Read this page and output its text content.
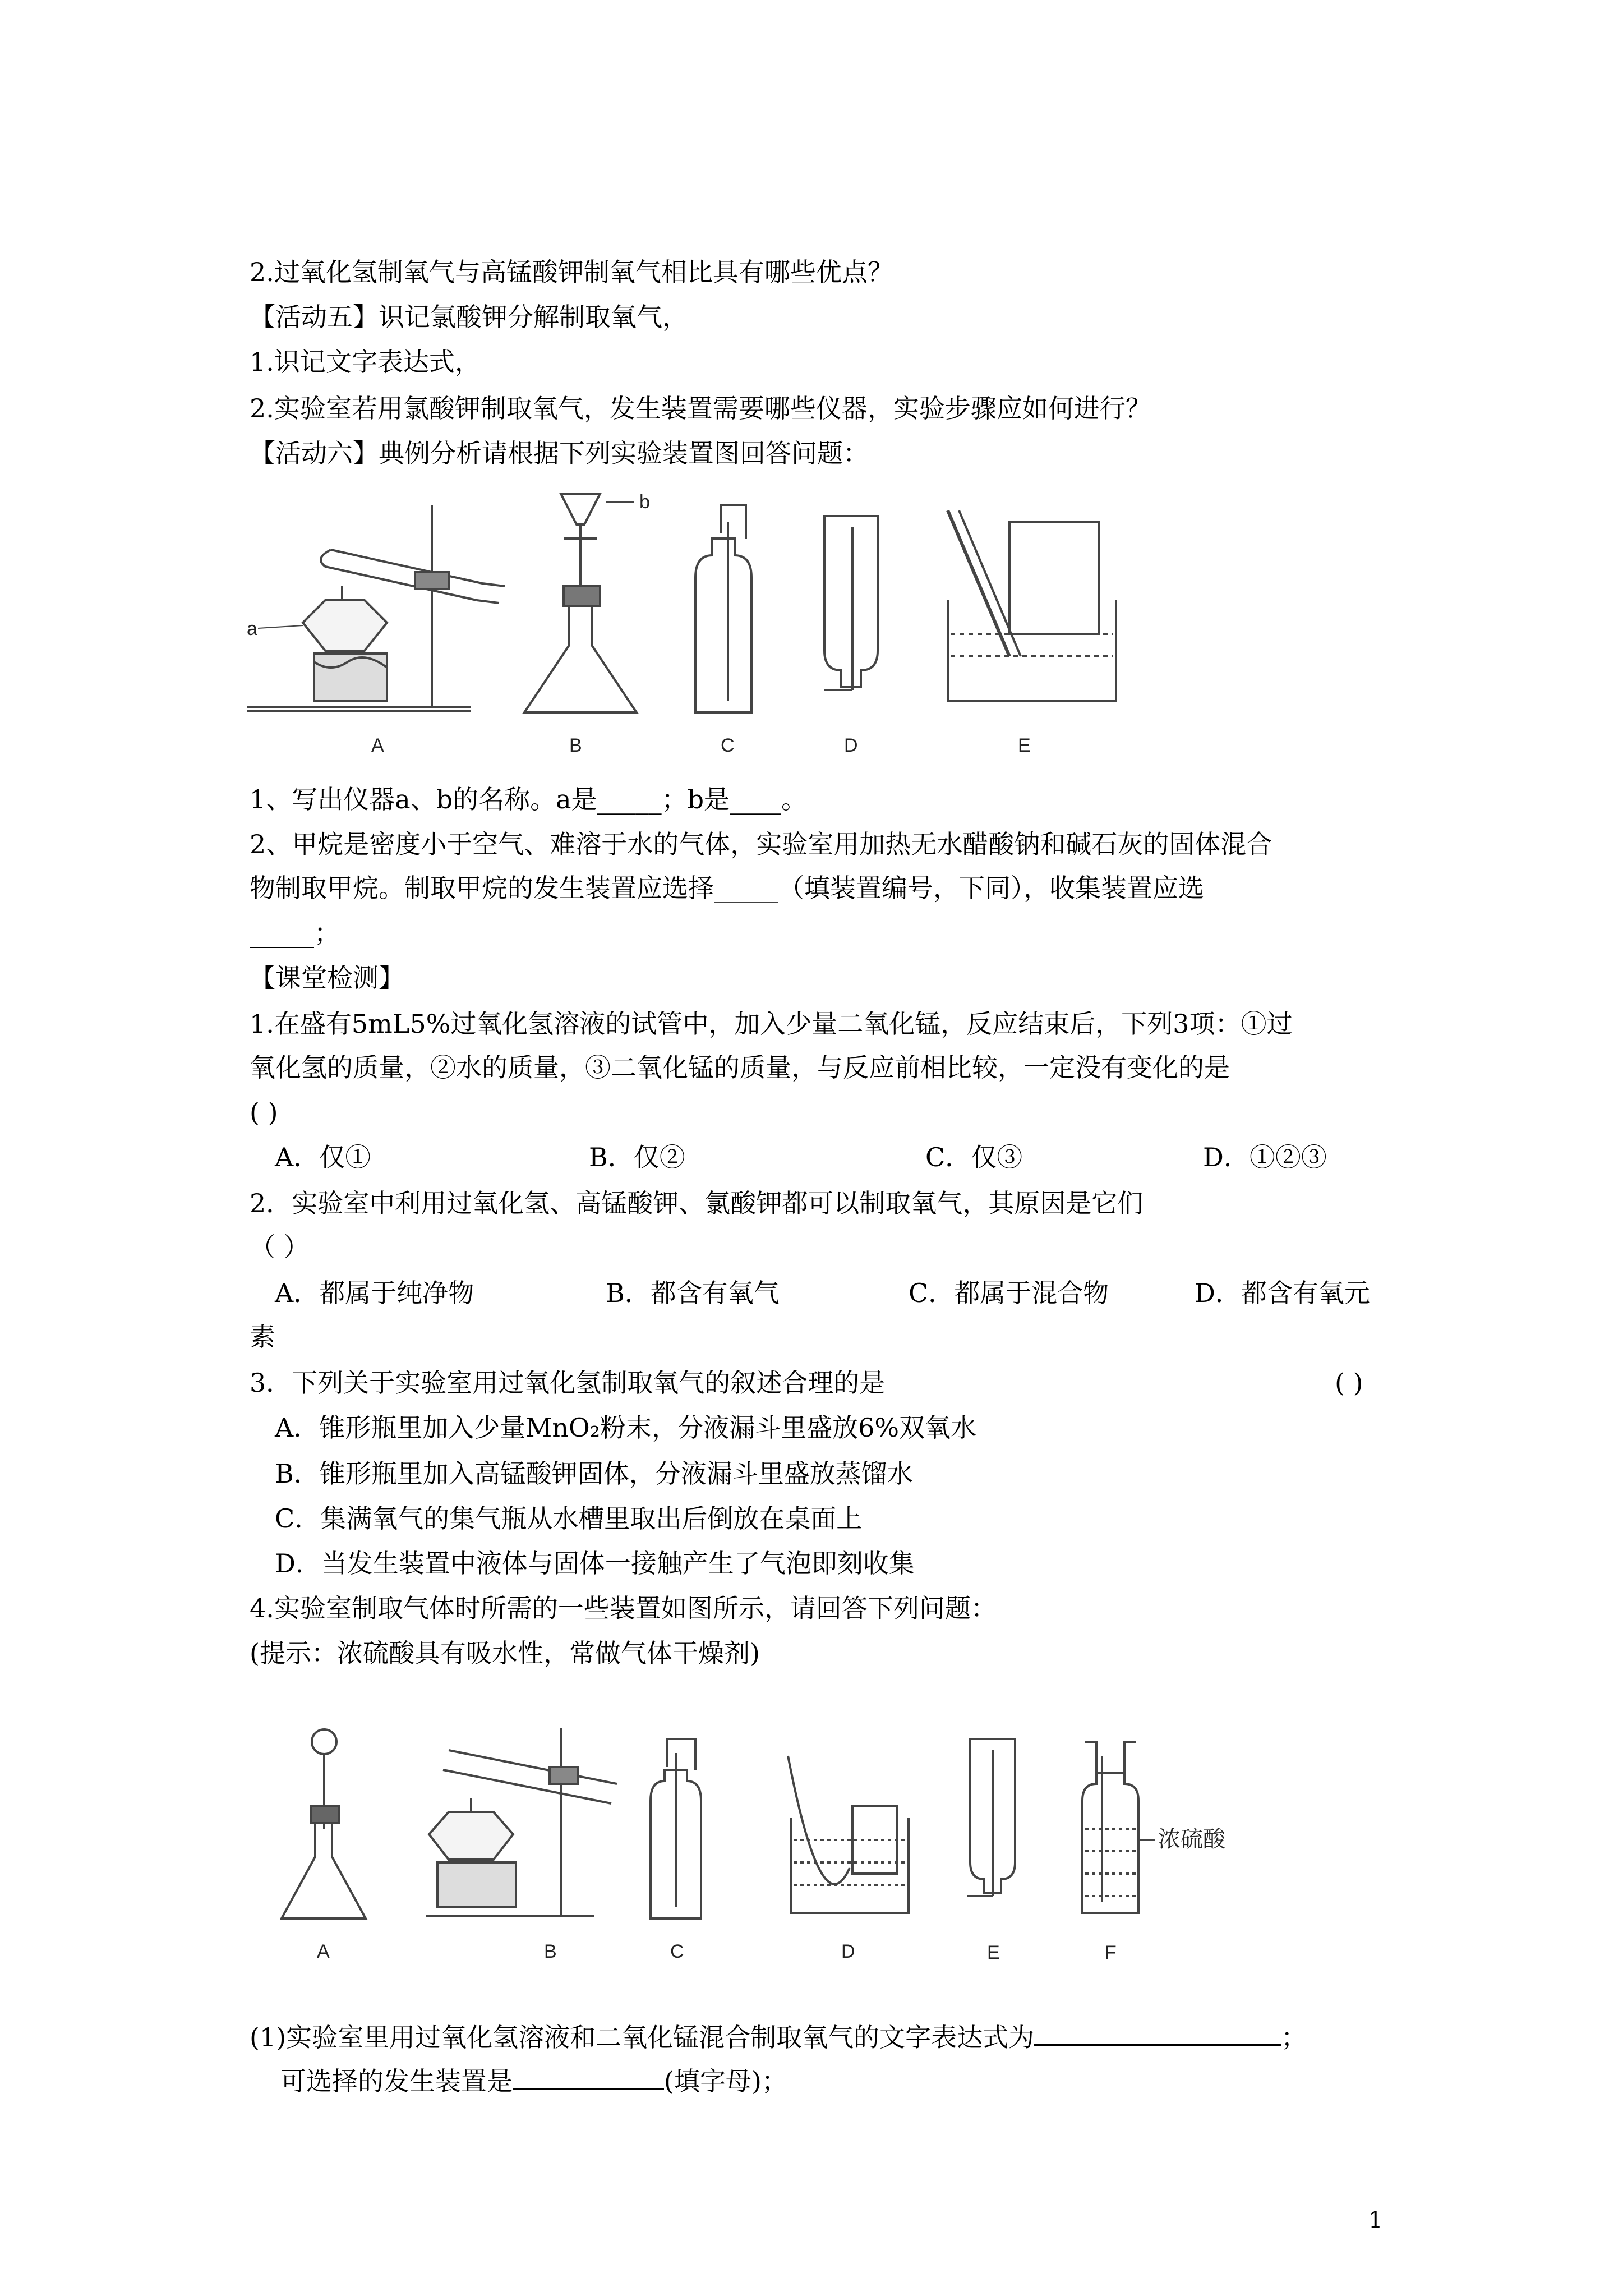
2.过氧化氢制氧气与高锰酸钾制氧气相比具有哪些优点？
【活动五】识记氯酸钾分解制取氧气，
1.识记文字表达式，
2.实验室若用氯酸钾制取氧气，发生装置需要哪些仪器，实验步骤应如何进行？
【活动六】典例分析请根据下列实验装置图回答问题：
a
b
A	B	C	D	E
1、写出仪器a、b的名称。a是_____；b是____。
2、甲烷是密度小于空气、难溶于水的气体，实验室用加热无水醋酸钠和碱石灰的固体混合
物制取甲烷。制取甲烷的发生装置应选择_____（填装置编号，下同），收集装置应选
_____；
【课堂检测】
1.在盛有5mL5%过氧化氢溶液的试管中，加入少量二氧化锰，反应结束后，下列3项：①过
氧化氢的质量，②水的质量，③二氧化锰的质量，与反应前相比较，一定没有变化的是
( )
A．仅①	B．仅②	C．仅③	D．①②③
2．实验室中利用过氧化氢、高锰酸钾、氯酸钾都可以制取氧气，其原因是它们
（ ）
A．都属于纯净物	B．都含有氧气	C．都属于混合物	D．都含有氧元
素
3．下列关于实验室用过氧化氢制取氧气的叙述合理的是	( )
A．锥形瓶里加入少量MnO₂粉末，分液漏斗里盛放6%双氧水
B．锥形瓶里加入高锰酸钾固体，分液漏斗里盛放蒸馏水
C．集满氧气的集气瓶从水槽里取出后倒放在桌面上
D．当发生装置中液体与固体一接触产生了气泡即刻收集
4.实验室制取气体时所需的一些装置如图所示，请回答下列问题：
(提示：浓硫酸具有吸水性，常做气体干燥剂)
浓硫酸
A	B	C	D	E	F
(1)实验室里用过氧化氢溶液和二氧化锰混合制取氧气的文字表达式为	；
可选择的发生装置是	(填字母)；
1
